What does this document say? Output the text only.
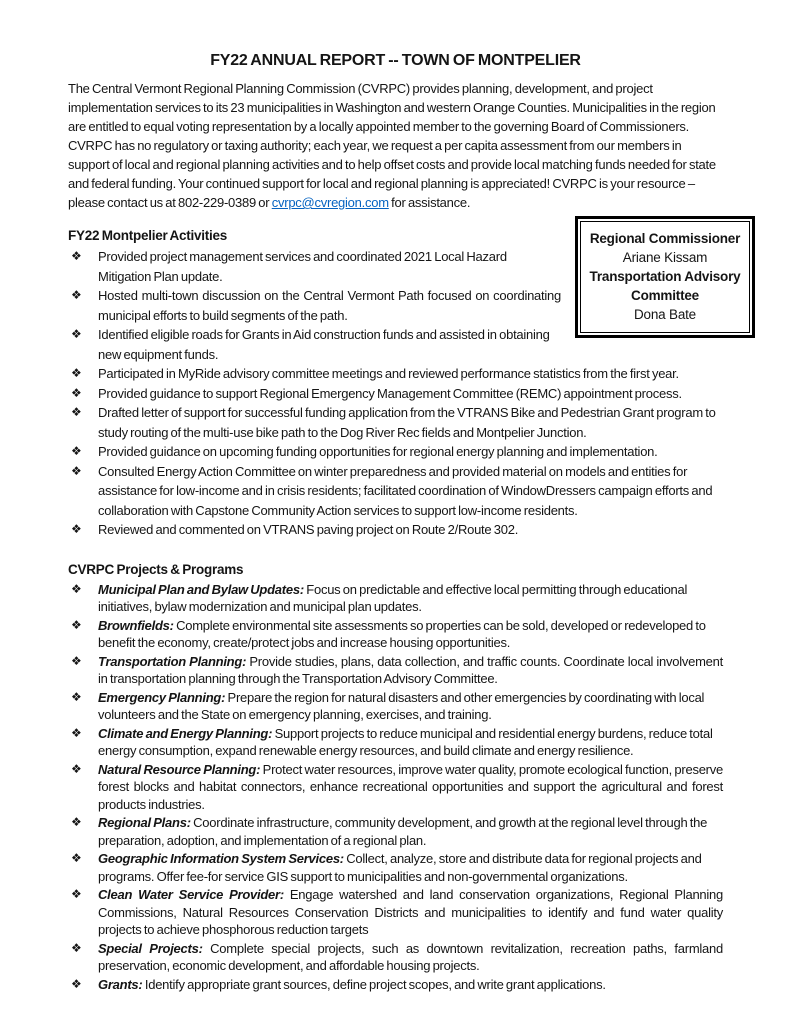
FY22 ANNUAL REPORT -- TOWN OF MONTPELIER

The Central Vermont Regional Planning Commission (CVRPC) provides planning, development, and project implementation services to its 23 municipalities in Washington and western Orange Counties. Municipalities in the region are entitled to equal voting representation by a locally appointed member to the governing Board of Commissioners. CVRPC has no regulatory or taxing authority; each year, we request a per capita assessment from our members in support of local and regional planning activities and to help offset costs and provide local matching funds needed for state and federal funding. Your continued support for local and regional planning is appreciated! CVRPC is your resource – please contact us at 802-229-0389 or cvrpc@cvregion.com for assistance.

Regional Commissioner
Ariane Kissam
Transportation Advisory Committee
Dona Bate
FY22 Montpelier Activities
❖ Provided project management services and coordinated 2021 Local Hazard Mitigation Plan update.
❖ Hosted multi-town discussion on the Central Vermont Path focused on coordinating municipal efforts to build segments of the path.
❖ Identified eligible roads for Grants in Aid construction funds and assisted in obtaining new equipment funds.
❖ Participated in MyRide advisory committee meetings and reviewed performance statistics from the first year.
❖ Provided guidance to support Regional Emergency Management Committee (REMC) appointment process.
❖ Drafted letter of support for successful funding application from the VTRANS Bike and Pedestrian Grant program to study routing of the multi-use bike path to the Dog River Rec fields and Montpelier Junction.
❖ Provided guidance on upcoming funding opportunities for regional energy planning and implementation.
❖ Consulted Energy Action Committee on winter preparedness and provided material on models and entities for assistance for low-income and in crisis residents; facilitated coordination of WindowDressers campaign efforts and collaboration with Capstone Community Action services to support low-income residents.
❖ Reviewed and commented on VTRANS paving project on Route 2/Route 302.
CVRPC Projects & Programs
❖ Municipal Plan and Bylaw Updates: Focus on predictable and effective local permitting through educational initiatives, bylaw modernization and municipal plan updates.
❖ Brownfields: Complete environmental site assessments so properties can be sold, developed or redeveloped to benefit the economy, create/protect jobs and increase housing opportunities.
❖ Transportation Planning: Provide studies, plans, data collection, and traffic counts. Coordinate local involvement in transportation planning through the Transportation Advisory Committee.
❖ Emergency Planning: Prepare the region for natural disasters and other emergencies by coordinating with local volunteers and the State on emergency planning, exercises, and training.
❖ Climate and Energy Planning: Support projects to reduce municipal and residential energy burdens, reduce total energy consumption, expand renewable energy resources, and build climate and energy resilience.
❖ Natural Resource Planning: Protect water resources, improve water quality, promote ecological function, preserve forest blocks and habitat connectors, enhance recreational opportunities and support the agricultural and forest products industries.
❖ Regional Plans: Coordinate infrastructure, community development, and growth at the regional level through the preparation, adoption, and implementation of a regional plan.
❖ Geographic Information System Services: Collect, analyze, store and distribute data for regional projects and programs. Offer fee-for service GIS support to municipalities and non-governmental organizations.
❖ Clean Water Service Provider: Engage watershed and land conservation organizations, Regional Planning Commissions, Natural Resources Conservation Districts and municipalities to identify and fund water quality projects to achieve phosphorous reduction targets
❖ Special Projects: Complete special projects, such as downtown revitalization, recreation paths, farmland preservation, economic development, and affordable housing projects.
❖ Grants: Identify appropriate grant sources, define project scopes, and write grant applications.
